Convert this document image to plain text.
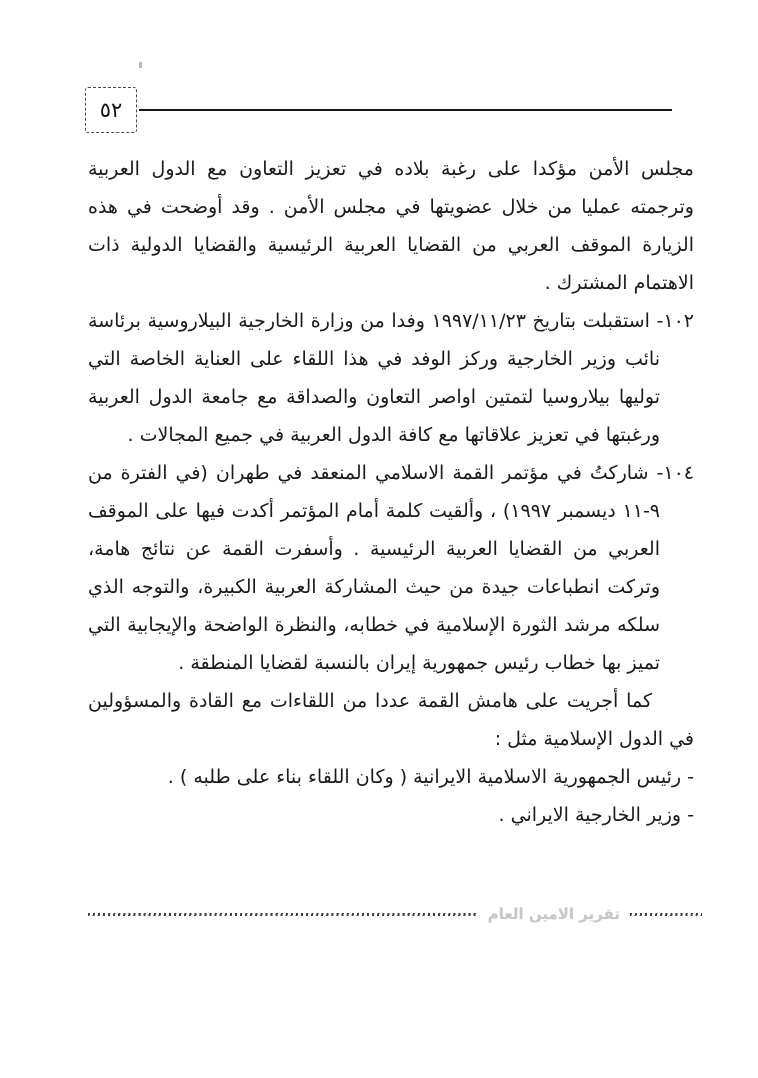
٥٢

مجلس الأمن مؤكدا على رغبة بلاده في تعزيز التعاون مع الدول العربية وترجمته عمليا من خلال عضويتها في مجلس الأمن . وقد أوضحت في هذه الزيارة الموقف العربي من القضايا العربية الرئيسية والقضايا الدولية ذات الاهتمام المشترك .

١٠٢- استقبلت بتاريخ ١٩٩٧/١١/٢٣ وفدا من وزارة الخارجية البيلاروسية برئاسة نائب وزير الخارجية وركز الوفد في هذا اللقاء على العناية الخاصة التي توليها بيلاروسيا لتمتين اواصر التعاون والصداقة مع جامعة الدول العربية ورغبتها في تعزيز علاقاتها مع كافة الدول العربية في جميع المجالات .

١٠٤- شاركتُ في مؤتمر القمة الاسلامي المنعقد في طهران (في الفترة من ٩-١١ ديسمبر ١٩٩٧) ، وألقيت كلمة أمام المؤتمر أكدت فيها على الموقف العربي من القضايا العربية الرئيسية . وأسفرت القمة عن نتائج هامة، وتركت انطباعات جيدة من حيث المشاركة العربية الكبيرة، والتوجه الذي سلكه مرشد الثورة الإسلامية في خطابه، والنظرة الواضحة والإيجابية التي تميز بها خطاب رئيس جمهورية إيران بالنسبة لقضايا المنطقة .

كما أجريت على هامش القمة عددا من اللقاءات مع القادة والمسؤولين في الدول الإسلامية مثل :

- رئيس الجمهورية الاسلامية الايرانية ( وكان اللقاء بناء على طلبه ) .

- وزير الخارجية الايراني .

تقرير الامين العام
